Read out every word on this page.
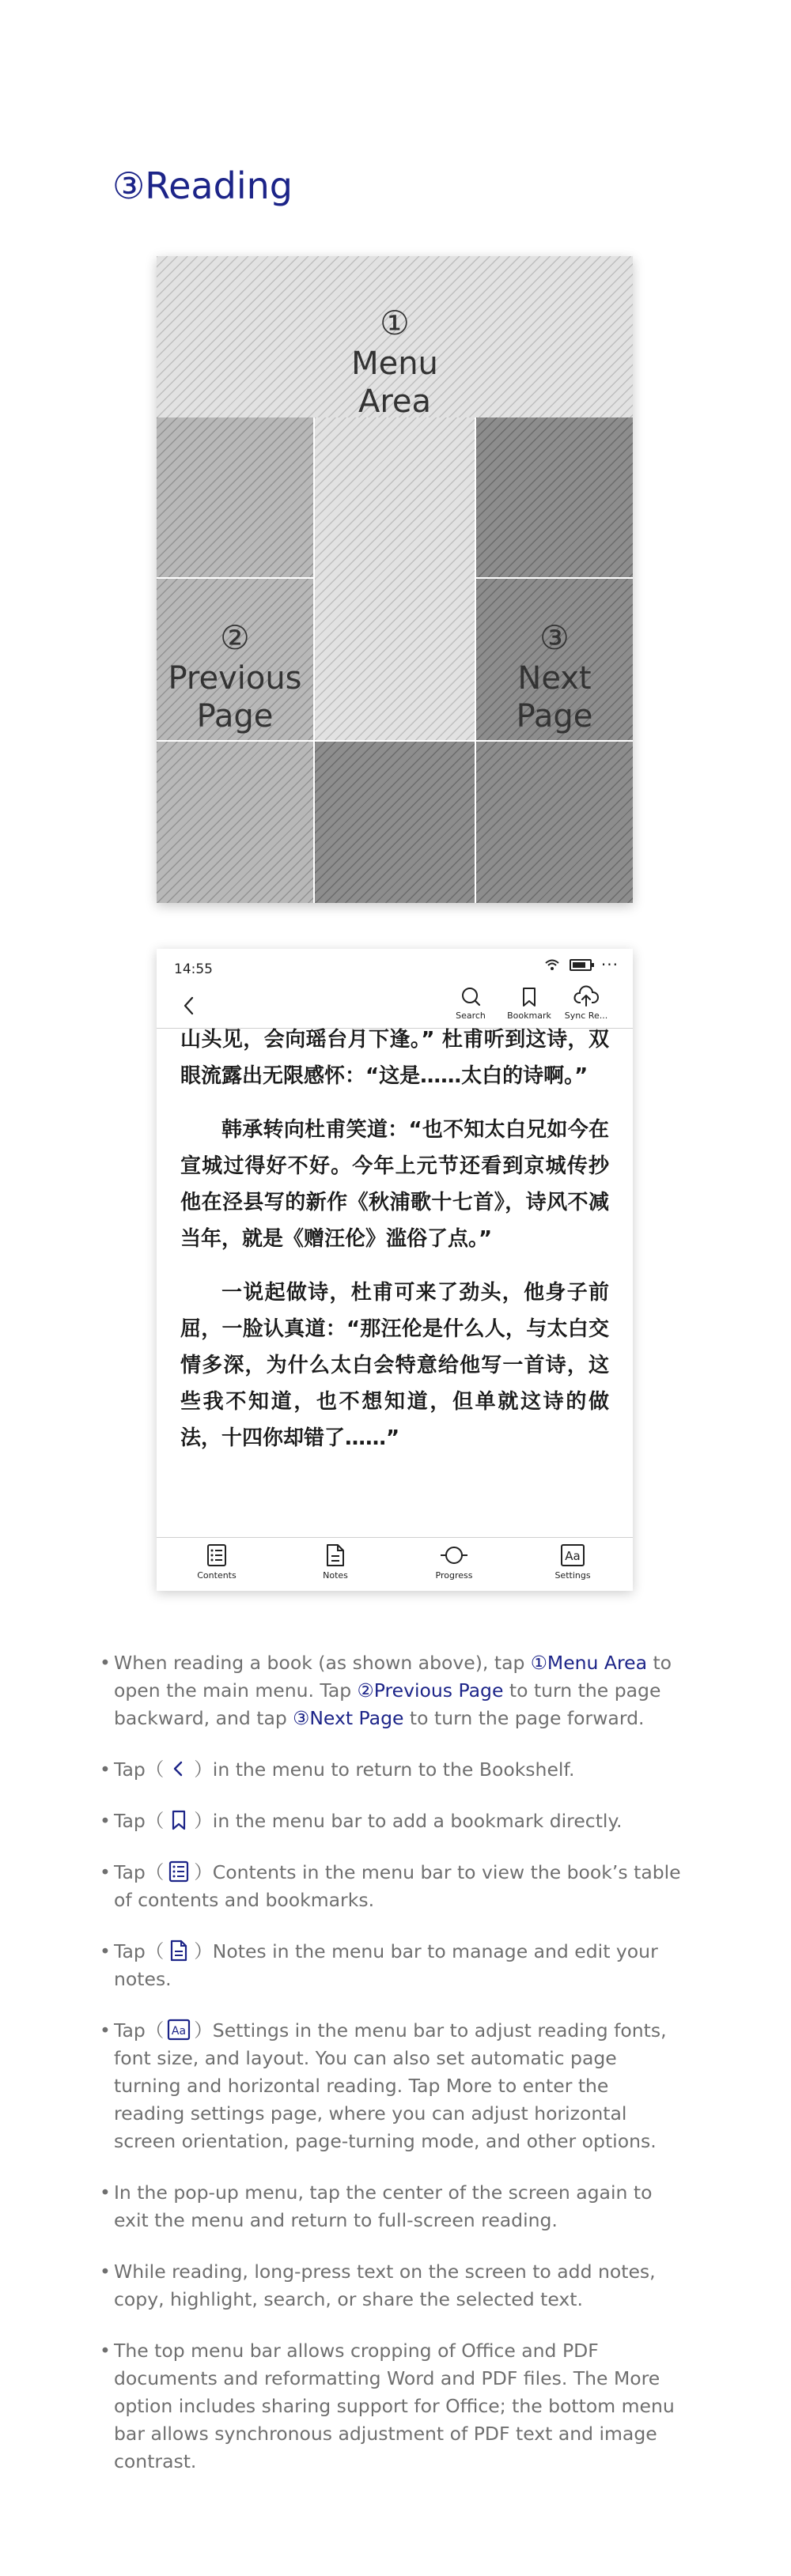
③Reading
①
Menu Area
②
Previous Page
③
Next Page
14:55	···
Search	Bookmark	Sync Re...

山头见，会向瑶台月下逢。” 杜甫听到这诗，双眼流露出无限感怀：“这是……太白的诗啊。”

韩承转向杜甫笑道：“也不知太白兄如今在宣城过得好不好。今年上元节还看到京城传抄他在泾县写的新作《秋浦歌十七首》，诗风不减当年，就是《赠汪伦》滥俗了点。”

一说起做诗，杜甫可来了劲头，他身子前屈，一脸认真道：“那汪伦是什么人，与太白交情多深，为什么太白会特意给他写一首诗，这些我不知道，也不想知道，但单就这诗的做法，十四你却错了……”

Contents	Notes	Progress
Aa
Settings
• When reading a book (as shown above), tap ①Menu Area to open the main menu. Tap ②Previous Page to turn the page backward, and tap ③Next Page to turn the page forward.
• Tap（ ）in the menu to return to the Bookshelf.
• Tap（ ）in the menu bar to add a bookmark directly.
• Tap（ ）Contents in the menu bar to view the book’s table of contents and bookmarks.
• Tap（ ）Notes in the menu bar to manage and edit your notes.
• Tap（ Aa ）Settings in the menu bar to adjust reading fonts, font size, and layout. You can also set automatic page turning and horizontal reading. Tap More to enter the reading settings page, where you can adjust horizontal screen orientation, page-turning mode, and other options.
• In the pop-up menu, tap the center of the screen again to exit the menu and return to full-screen reading.
• While reading, long-press text on the screen to add notes, copy, highlight, search, or share the selected text.
• The top menu bar allows cropping of Office and PDF documents and reformatting Word and PDF files. The More option includes sharing support for Office; the bottom menu bar allows synchronous adjustment of PDF text and image contrast.
